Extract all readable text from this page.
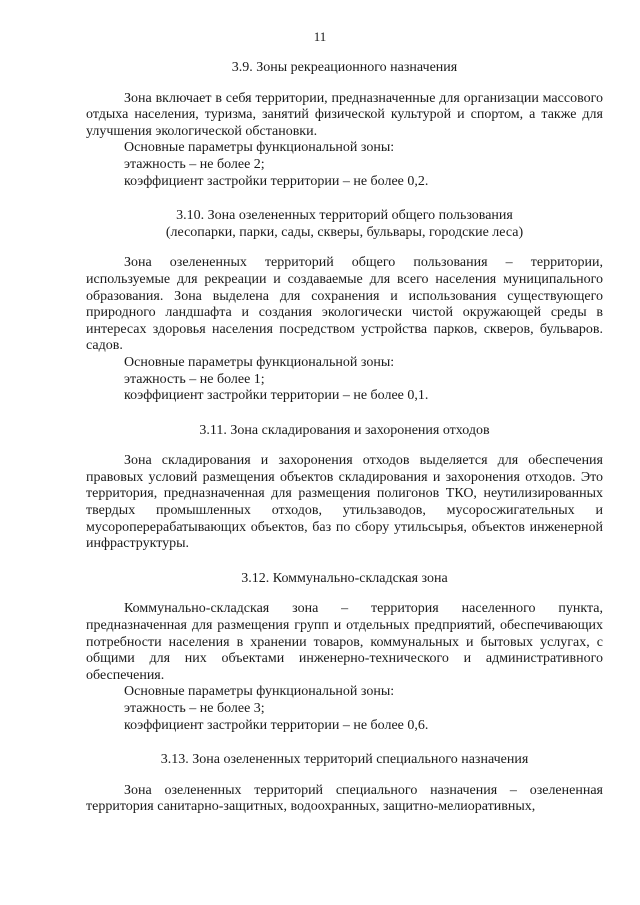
11

3.9. Зоны рекреационного назначения

Зона включает в себя территории, предназначенные для организации массового отдыха населения, туризма, занятий физической культурой и спортом, а также для улучшения экологической обстановки.

Основные параметры функциональной зоны:

этажность – не более 2;

коэффициент застройки территории – не более 0,2.

3.10. Зона озелененных территорий общего пользования

(лесопарки, парки, сады, скверы, бульвары, городские леса)

Зона озелененных территорий общего пользования – территории, используемые для рекреации и создаваемые для всего населения муниципального образования. Зона выделена для сохранения и использования существующего природного ландшафта и создания экологически чистой окружающей среды в интересах здоровья населения посредством устройства парков, скверов, бульваров. садов.

Основные параметры функциональной зоны:

этажность – не более 1;

коэффициент застройки территории – не более 0,1.

3.11. Зона складирования и захоронения отходов

Зона складирования и захоронения отходов выделяется для обеспечения правовых условий размещения объектов складирования и захоронения отходов. Это территория, предназначенная для размещения полигонов ТКО, неутилизированных твердых промышленных отходов, утильзаводов, мусоросжигательных и мусороперерабатывающих объектов, баз по сбору утильсырья, объектов инженерной инфраструктуры.

3.12. Коммунально-складская зона

Коммунально-складская зона – территория населенного пункта, предназначенная для размещения групп и отдельных предприятий, обеспечивающих потребности населения в хранении товаров, коммунальных и бытовых услугах, с общими для них объектами инженерно-технического и административного обеспечения.

Основные параметры функциональной зоны:

этажность – не более 3;

коэффициент застройки территории – не более 0,6.

3.13. Зона озелененных территорий специального назначения

Зона озелененных территорий специального назначения – озелененная территория санитарно-защитных, водоохранных, защитно-мелиоративных,
